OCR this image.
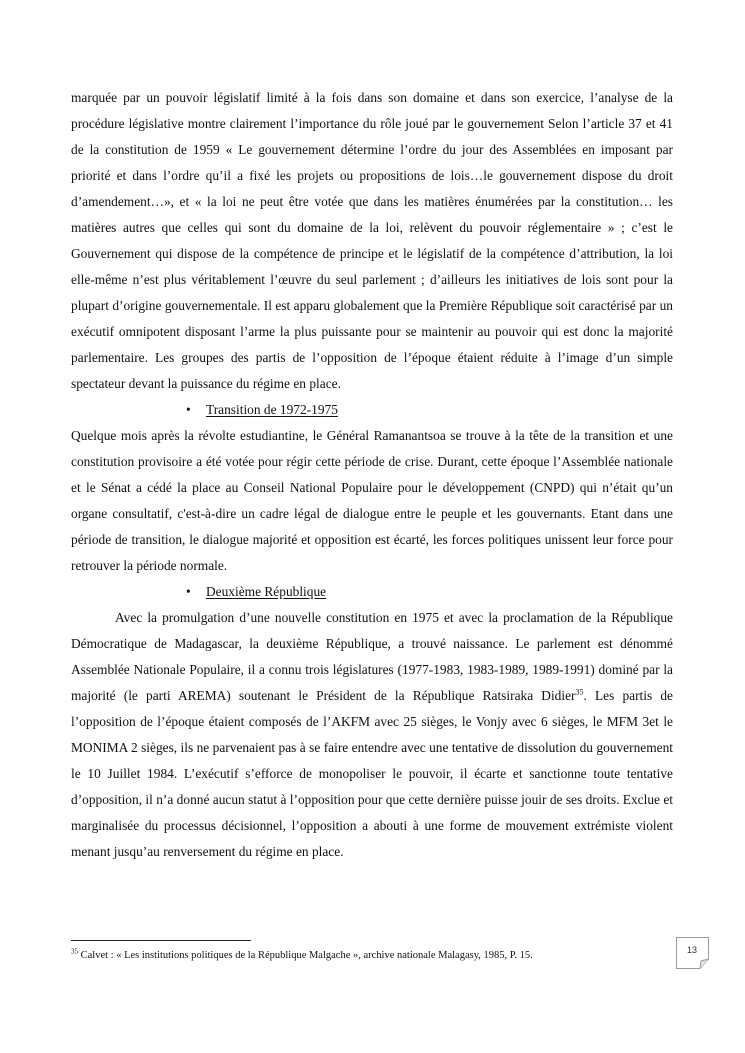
marquée par un pouvoir législatif limité à la fois dans son domaine et dans son exercice, l’analyse de la procédure législative montre clairement l’importance du rôle joué par le gouvernement Selon l’article 37 et 41 de la constitution de 1959 « Le gouvernement détermine l’ordre du jour des Assemblées en imposant par priorité et dans l’ordre qu’il a fixé les projets ou propositions de lois…le gouvernement dispose du droit d’amendement…», et « la loi ne peut être votée que dans les matières énumérées par la constitution… les matières autres que celles qui sont du domaine de la loi, relèvent du pouvoir réglementaire » ; c’est le Gouvernement qui dispose de la compétence de principe et le législatif de la compétence d’attribution, la loi elle-même n’est plus véritablement l’œuvre du seul parlement ; d’ailleurs les initiatives de lois sont pour la plupart d’origine gouvernementale. Il est apparu globalement que la Première République soit caractérisé par un exécutif omnipotent disposant l’arme la plus puissante pour se maintenir au pouvoir qui est donc la majorité parlementaire. Les groupes des partis de l’opposition de l’époque étaient réduite à l’image d’un simple spectateur devant la puissance du régime en place.

• Transition de 1972-1975

Quelque mois après la révolte estudiantine, le Général Ramanantsoa se trouve à la tête de la transition et une constitution provisoire a été votée pour régir cette période de crise. Durant, cette époque l’Assemblée nationale et le Sénat a cédé la place au Conseil National Populaire pour le développement (CNPD) qui n’était qu’un organe consultatif, c'est-à-dire un cadre légal de dialogue entre le peuple et les gouvernants. Etant dans une période de transition, le dialogue majorité et opposition est écarté, les forces politiques unissent leur force pour retrouver la période normale.

• Deuxième République

Avec la promulgation d’une nouvelle constitution en 1975 et avec la proclamation de la République Démocratique de Madagascar, la deuxième République, a trouvé naissance. Le parlement est dénommé Assemblée Nationale Populaire, il a connu trois législatures (1977-1983, 1983-1989, 1989-1991) dominé par la majorité (le parti AREMA) soutenant le Président de la République Ratsiraka Didier$^{35}$. Les partis de l’opposition de l’époque étaient composés de l’AKFM avec 25 sièges, le Vonjy avec 6 sièges, le MFM 3et le MONIMA 2 sièges, ils ne parvenaient pas à se faire entendre avec une tentative de dissolution du gouvernement le 10 Juillet 1984. L’exécutif s’efforce de monopoliser le pouvoir, il écarte et sanctionne toute tentative d’opposition, il n’a donné aucun statut à l’opposition pour que cette dernière puisse jouir de ses droits. Exclue et marginalisée du processus décisionnel, l’opposition a abouti à une forme de mouvement extrémiste violent menant jusqu’au renversement du régime en place.

$^{35}$ Calvet : « Les institutions politiques de la République Malgache », archive nationale Malagasy, 1985, P. 15.	13
